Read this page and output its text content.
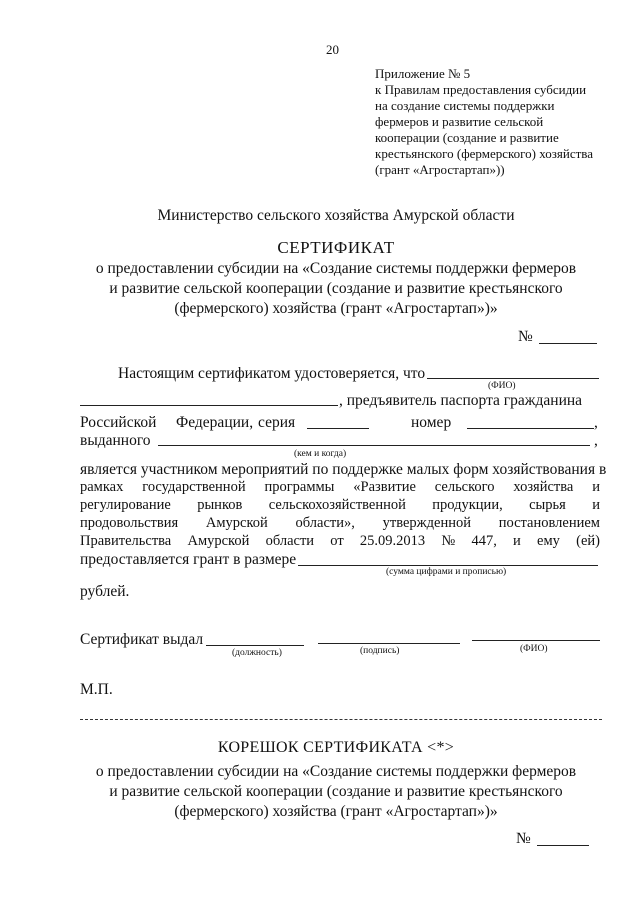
20
Приложение № 5
к Правилам предоставления субсидии
на создание системы поддержки
фермеров и развитие сельской
кооперации (создание и развитие
крестьянского (фермерского) хозяйства
(грант «Агростартап»))
Министерство сельского хозяйства Амурской области
СЕРТИФИКАТ
о предоставлении субсидии на «Создание системы поддержки фермеров
и развитие сельской кооперации (создание и развитие крестьянского
(фермерского) хозяйства (грант «Агростартап»)»
№
Настоящим сертификатом удостоверяется, что
(ФИО)
, предъявитель паспорта гражданина
Российской Федерации, серия	номер	,
выданного	,
(кем и когда)
является участником мероприятий по поддержке малых форм хозяйствования в
рамках государственной программы «Развитие сельского хозяйства и
регулирование рынков сельскохозяйственной продукции, сырья и
продовольствия Амурской области», утвержденной постановлением
Правительства Амурской области от 25.09.2013 № 447, и ему (ей)
предоставляется грант в размере
(сумма цифрами и прописью)
рублей.
Сертификат выдал
(должность)	(подпись)	(ФИО)
М.П.
КОРЕШОК СЕРТИФИКАТА <*>
о предоставлении субсидии на «Создание системы поддержки фермеров
и развитие сельской кооперации (создание и развитие крестьянского
(фермерского) хозяйства (грант «Агростартап»)»
№
